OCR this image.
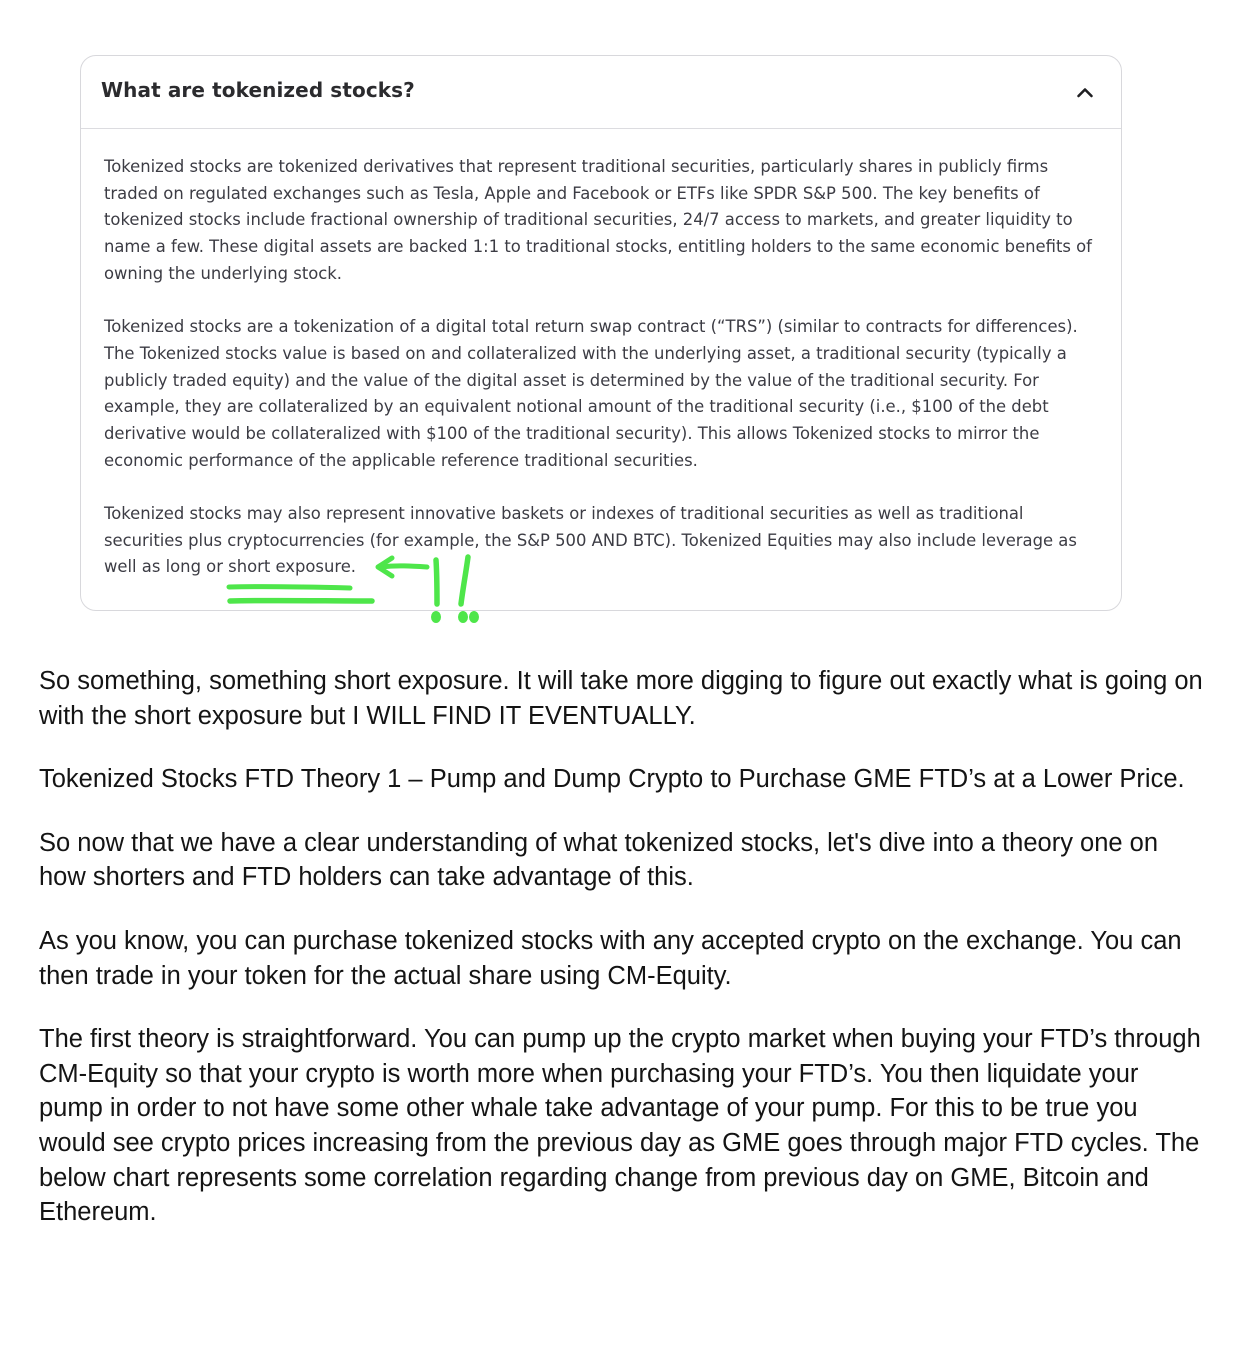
What are tokenized stocks?

Tokenized stocks are tokenized derivatives that represent traditional securities, particularly shares in publicly firms traded on regulated exchanges such as Tesla, Apple and Facebook or ETFs like SPDR S&P 500. The key benefits of tokenized stocks include fractional ownership of traditional securities, 24/7 access to markets, and greater liquidity to name a few. These digital assets are backed 1:1 to traditional stocks, entitling holders to the same economic benefits of owning the underlying stock.

Tokenized stocks are a tokenization of a digital total return swap contract (“TRS”) (similar to contracts for differences). The Tokenized stocks value is based on and collateralized with the underlying asset, a traditional security (typically a publicly traded equity) and the value of the digital asset is determined by the value of the traditional security. For example, they are collateralized by an equivalent notional amount of the traditional security (i.e., $100 of the debt derivative would be collateralized with $100 of the traditional security). This allows Tokenized stocks to mirror the economic performance of the applicable reference traditional securities.

Tokenized stocks may also represent innovative baskets or indexes of traditional securities as well as traditional securities plus cryptocurrencies (for example, the S&P 500 AND BTC). Tokenized Equities may also include leverage as well as long or short exposure.

So something, something short exposure. It will take more digging to figure out exactly what is going on with the short exposure but I WILL FIND IT EVENTUALLY.

Tokenized Stocks FTD Theory 1 – Pump and Dump Crypto to Purchase GME FTD’s at a Lower Price.

So now that we have a clear understanding of what tokenized stocks, let's dive into a theory one on how shorters and FTD holders can take advantage of this.

As you know, you can purchase tokenized stocks with any accepted crypto on the exchange. You can then trade in your token for the actual share using CM-Equity.

The first theory is straightforward. You can pump up the crypto market when buying your FTD’s through CM-Equity so that your crypto is worth more when purchasing your FTD’s. You then liquidate your pump in order to not have some other whale take advantage of your pump. For this to be true you would see crypto prices increasing from the previous day as GME goes through major FTD cycles. The below chart represents some correlation regarding change from previous day on GME, Bitcoin and Ethereum.
